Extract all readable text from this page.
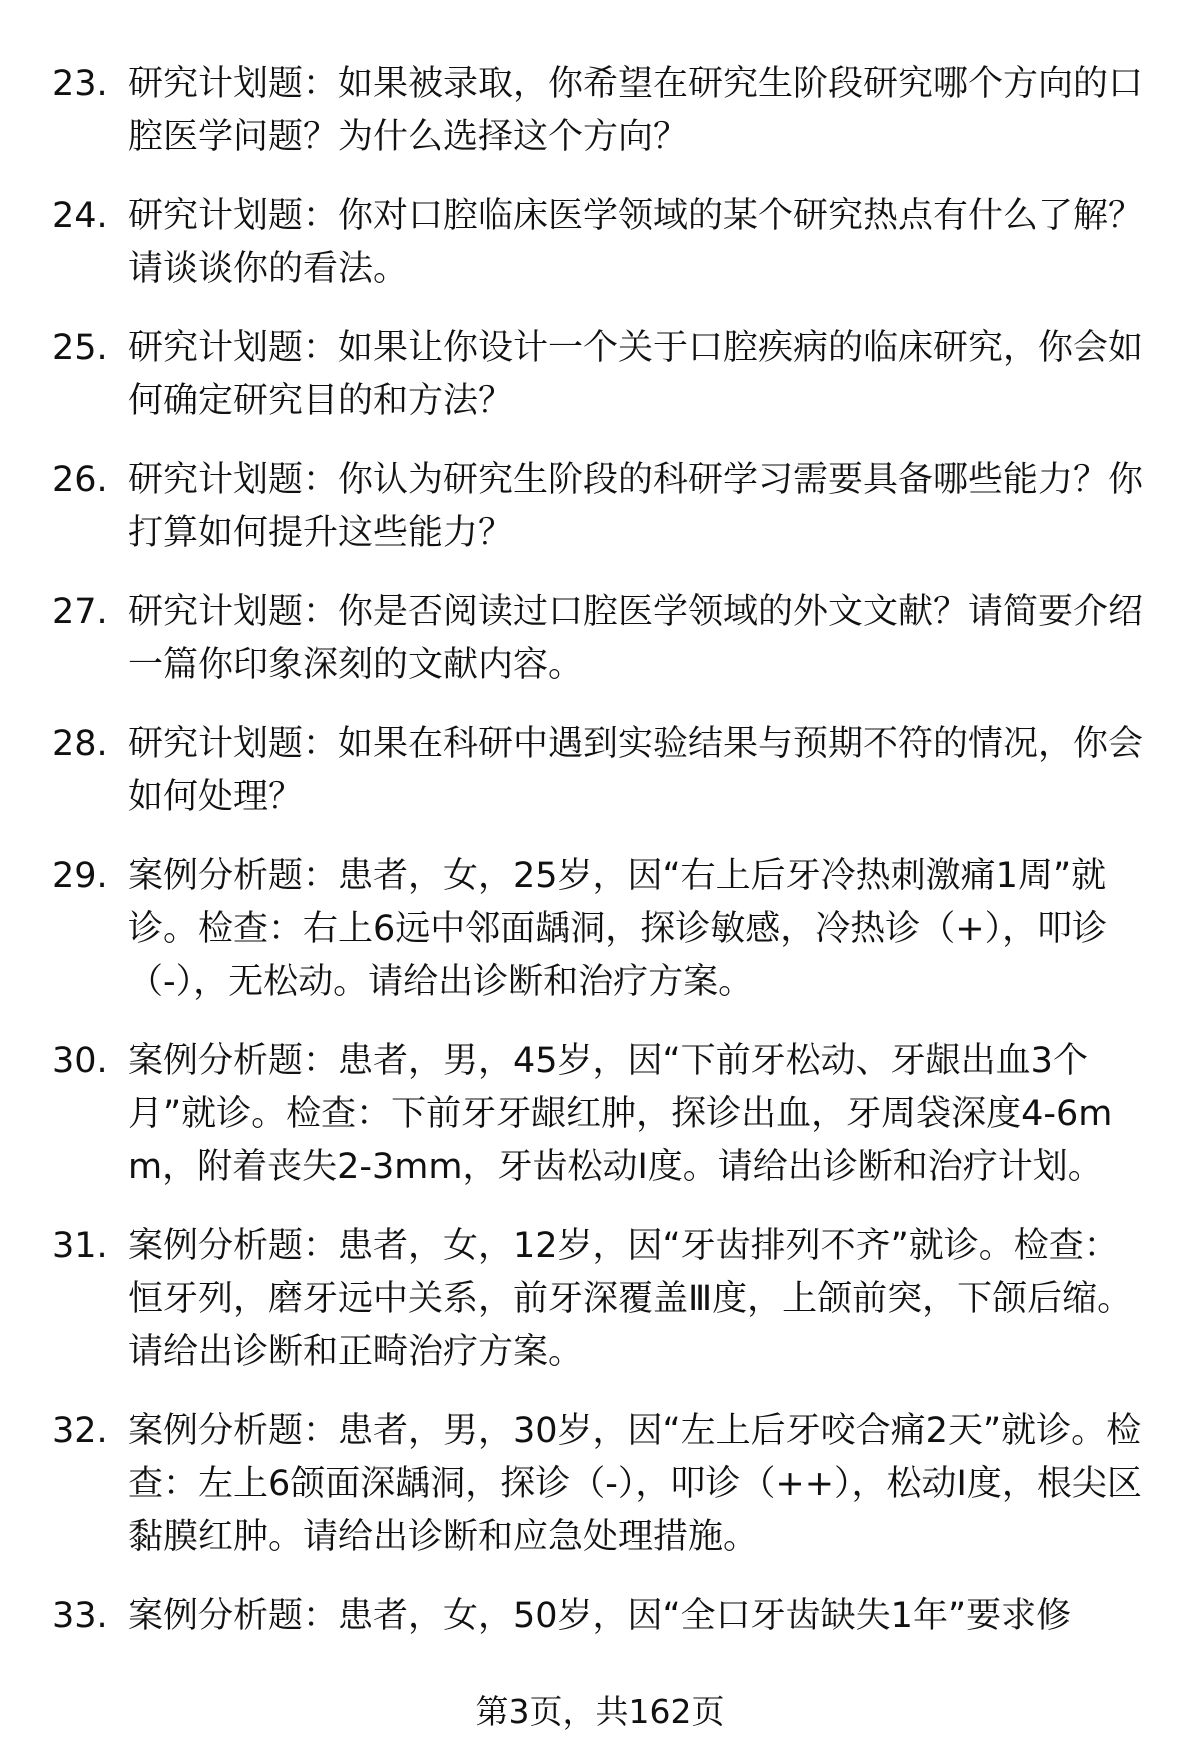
23. 研究计划题：如果被录取，你希望在研究生阶段研究哪个方向的口腔医学问题？为什么选择这个方向？
24. 研究计划题：你对口腔临床医学领域的某个研究热点有什么了解？请谈谈你的看法。
25. 研究计划题：如果让你设计一个关于口腔疾病的临床研究，你会如何确定研究目的和方法？
26. 研究计划题：你认为研究生阶段的科研学习需要具备哪些能力？你打算如何提升这些能力？
27. 研究计划题：你是否阅读过口腔医学领域的外文文献？请简要介绍一篇你印象深刻的文献内容。
28. 研究计划题：如果在科研中遇到实验结果与预期不符的情况，你会如何处理？
29. 案例分析题：患者，女，25岁，因“右上后牙冷热刺激痛1周”就诊。检查：右上6远中邻面龋洞，探诊敏感，冷热诊（+），叩诊（-），无松动。请给出诊断和治疗方案。
30. 案例分析题：患者，男，45岁，因“下前牙松动、牙龈出血3个月”就诊。检查：下前牙牙龈红肿，探诊出血，牙周袋深度4-6mm，附着丧失2-3mm，牙齿松动Ⅰ度。请给出诊断和治疗计划。
31. 案例分析题：患者，女，12岁，因“牙齿排列不齐”就诊。检查：恒牙列，磨牙远中关系，前牙深覆盖Ⅲ度，上颌前突，下颌后缩。请给出诊断和正畸治疗方案。
32. 案例分析题：患者，男，30岁，因“左上后牙咬合痛2天”就诊。检查：左上6颌面深龋洞，探诊（-），叩诊（++），松动Ⅰ度，根尖区黏膜红肿。请给出诊断和应急处理措施。
33. 案例分析题：患者，女，50岁，因“全口牙齿缺失1年”要求修
第3页，共162页
